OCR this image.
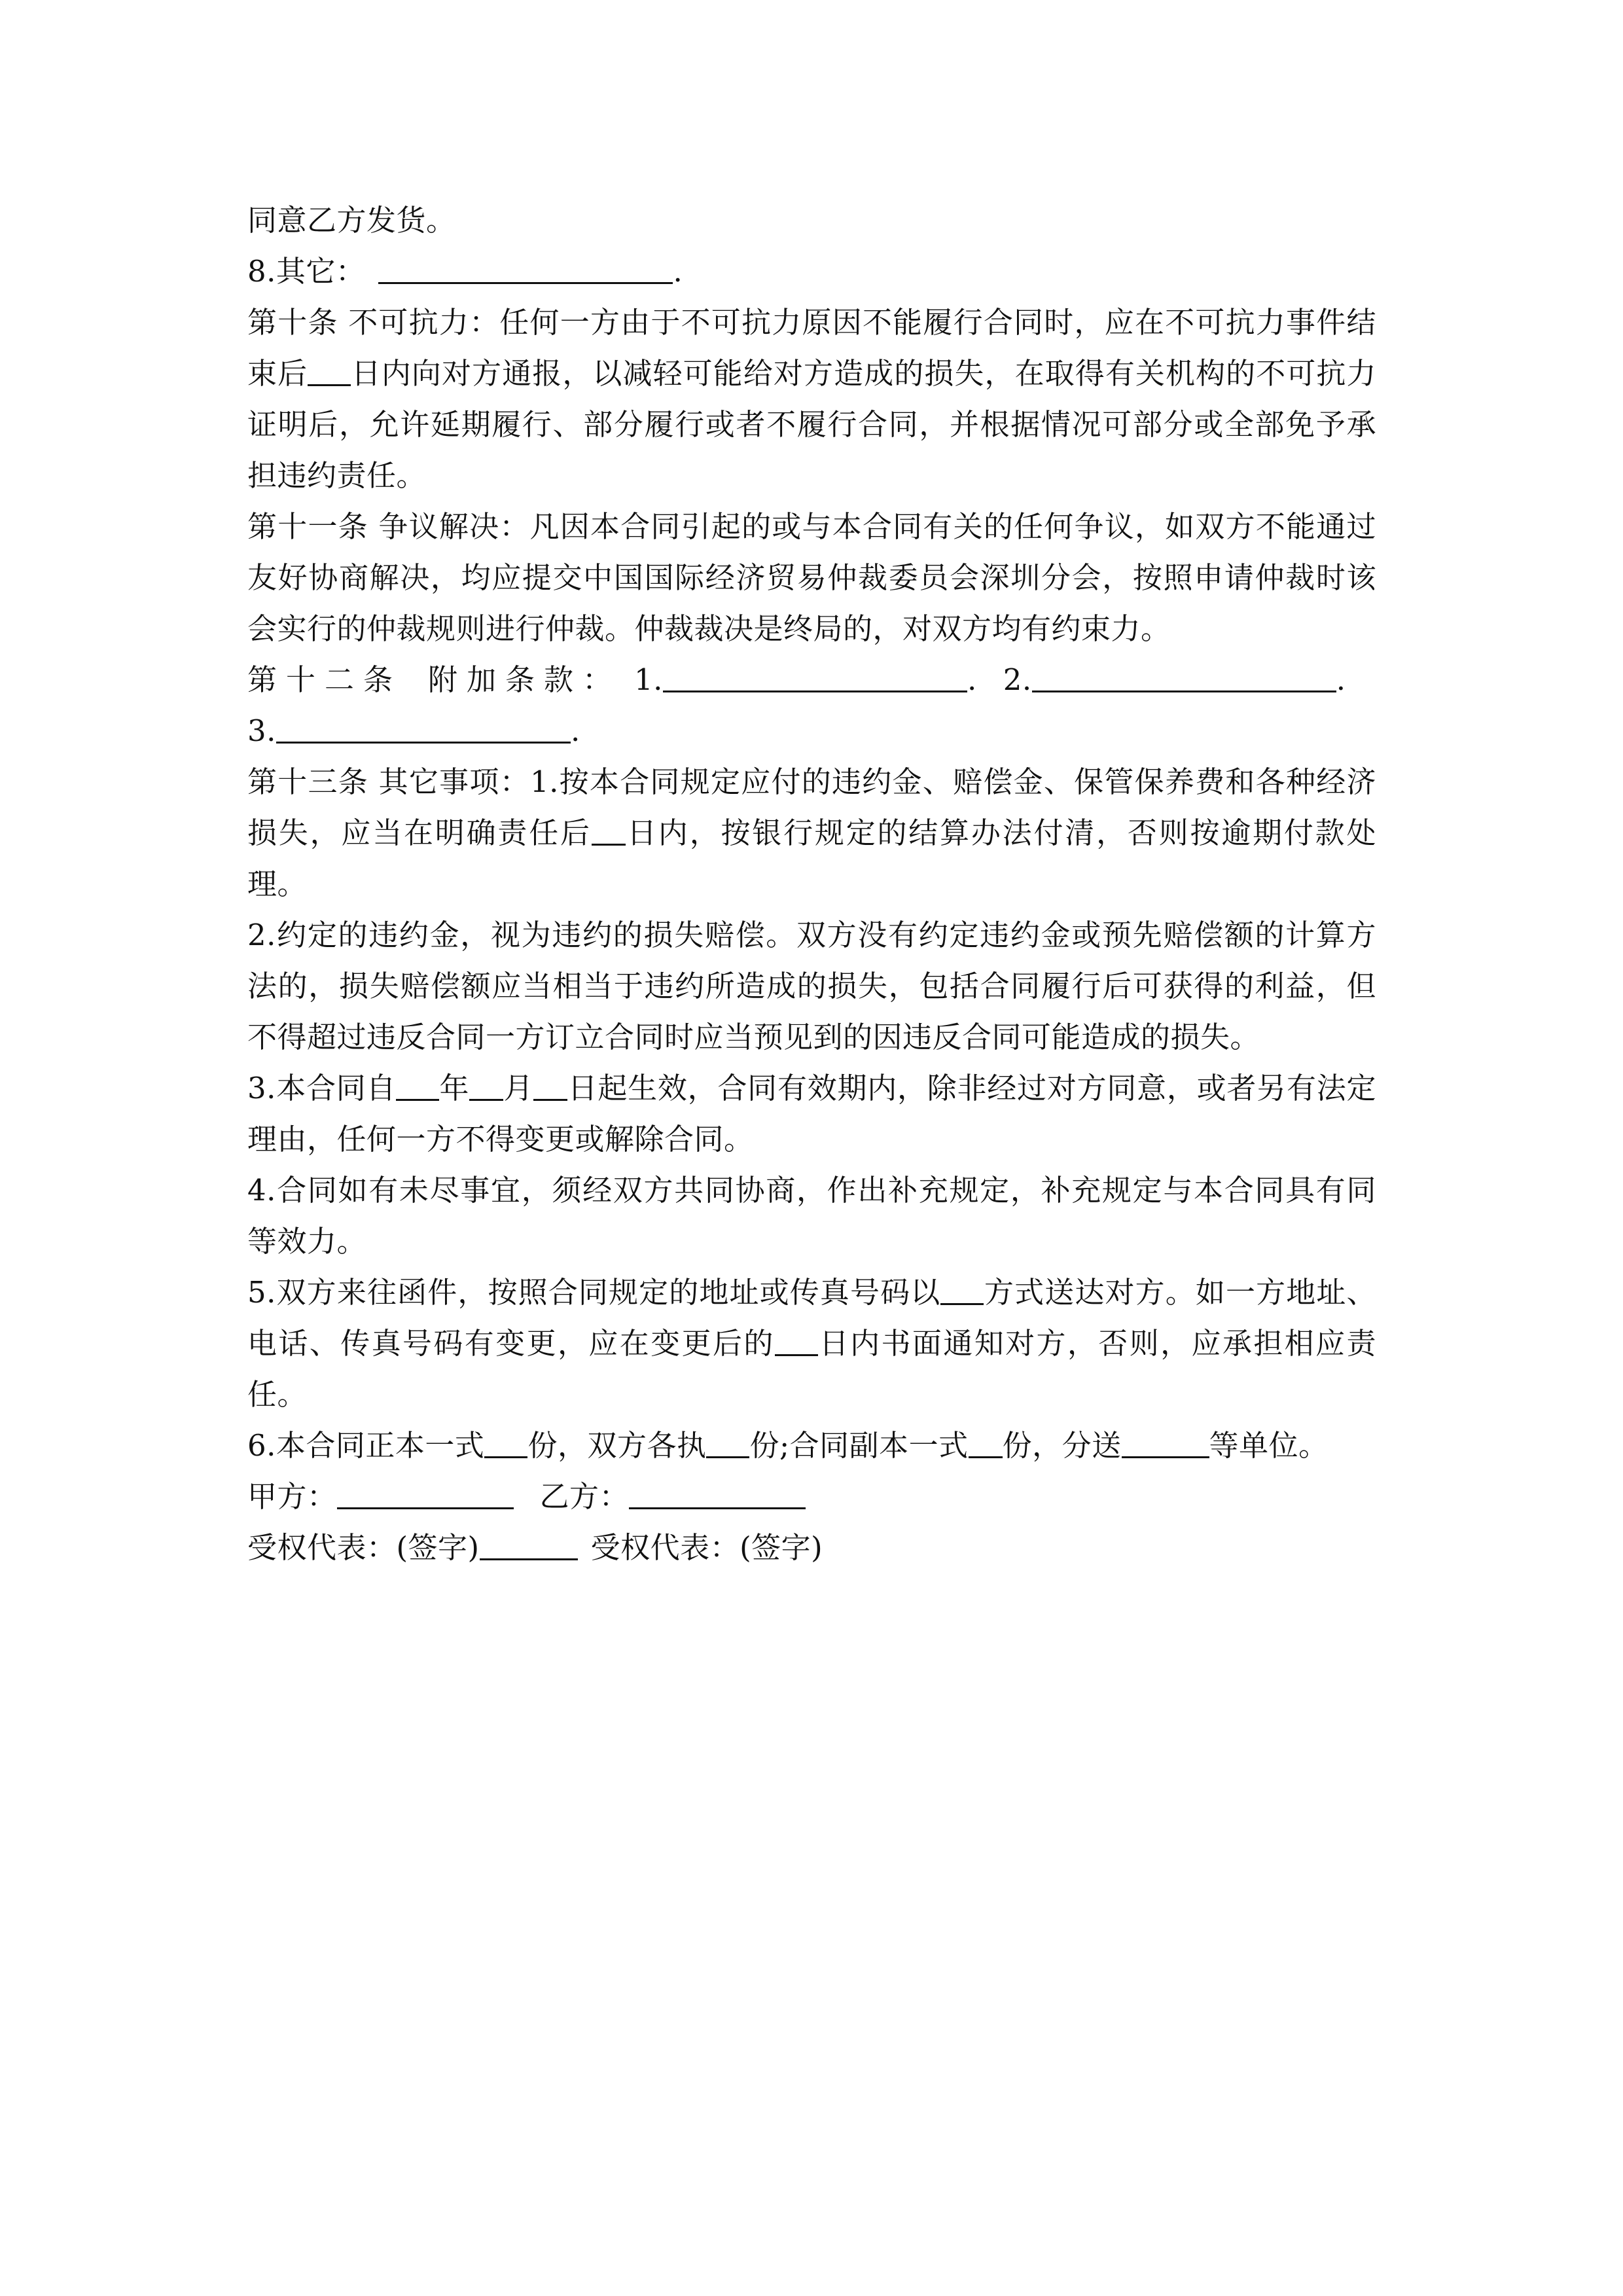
同意乙方发货。

8.其它：	.

第十条 不可抗力：任何一方由于不可抗力原因不能履行合同时，应在不可抗力事件结束后 日内向对方通报，以减轻可能给对方造成的损失，在取得有关机构的不可抗力证明后，允许延期履行、部分履行或者不履行合同，并根据情况可部分或全部免予承担违约责任。

第十一条 争议解决：凡因本合同引起的或与本合同有关的任何争议，如双方不能通过友好协商解决，均应提交中国国际经济贸易仲裁委员会深圳分会，按照申请仲裁时该会实行的仲裁规则进行仲裁。仲裁裁决是终局的，对双方均有约束力。

第十二条 附加条款： 1.	. 2.	.
3.	.

第十三条 其它事项：1.按本合同规定应付的违约金、赔偿金、保管保养费和各种经济损失，应当在明确责任后 日内，按银行规定的结算办法付清，否则按逾期付款处理。

2.约定的违约金，视为违约的损失赔偿。双方没有约定违约金或预先赔偿额的计算方法的，损失赔偿额应当相当于违约所造成的损失，包括合同履行后可获得的利益，但不得超过违反合同一方订立合同时应当预见到的因违反合同可能造成的损失。

3.本合同自 年 月 日起生效，合同有效期内，除非经过对方同意，或者另有法定理由，任何一方不得变更或解除合同。

4.合同如有未尽事宜，须经双方共同协商，作出补充规定，补充规定与本合同具有同等效力。

5.双方来往函件，按照合同规定的地址或传真号码以 方式送达对方。如一方地址、电话、传真号码有变更，应在变更后的 日内书面通知对方，否则，应承担相应责任。

6.本合同正本一式 份，双方各执 份;合同副本一式 份，分送	等单位。

甲方：	乙方：

受权代表：(签字)	受权代表：(签字)
